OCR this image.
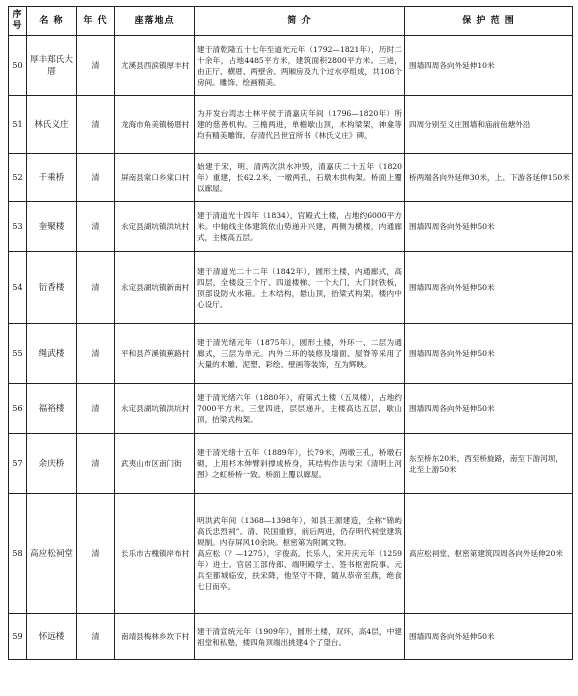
序号	名 称	年 代	座落地点	简 介	保 护 范 围
50	厚丰郑氏大厝	清	尤溪县西滨镇厚丰村	建于清乾隆五十七年至道光元年（1792—1821年），历时二十余年，占地4485平方米，建筑面积2800平方米。三进，由正厅、横厝、两壁舍、两厢房及九个过水亭组成，共108个房间。雕饰、绘画精美。	围墙四周各向外延伸10米
51	林氏义庄	清	龙海市角美镇杨厝村	为开发台湾志士林平侯于清嘉庆年间（1796—1820年）所建的慈善机构。三檐两进，单檐歇山顶，木构梁架，神龛等均有精美雕饰。存清代吕世宜所书《林氏义庄》碑。	四周分别至义庄围墙和庙前鱼塘外沿
52	千乘桥	清	屏南县棠口乡棠口村	始建于宋，明、清两次洪水冲毁，清嘉庆二十五年（1820年）重建，长62.2米，一墩两孔，石墩木拱构架。桥面上覆以廊屋。	桥两端各向外延伸30米，上、下游各延伸150米
53	奎聚楼	清	永定县湖坑镇洪坑村	建于清道光十四年（1834），宫殿式土楼，占地约6000平方米。中轴线主体建筑依山势递升兴建，两侧为横楼，内通廊式，主楼高五层。	围墙四周各向外延伸50米
54	衍香楼	清	永定县湖坑镇新南村	建于清道光二十二年（1842年），圆形土楼，内通廊式，高四层，全楼设三个厅、四道楼梯、一个大门，大门封铁板，顶部设防火水箱。土木结构，悬山顶，抬梁式构架。楼内中心设厅。	围墙四周各向外延伸50米
55	绳武楼	清	平和县芦溪镇蕉路村	建于清光绪元年（1875年），圆形土楼，外环一、二层为通廊式，三层为单元。内外二环的装修及墙面、屋脊等采用了大量的木雕、泥塑、彩绘、壁画等装饰，互为辉映。	围墙四周各向外延伸50米
56	福裕楼	清	永定县湖坑镇洪坑村	建于清光绪六年（1880年），府第式土楼（五凤楼），占地约7000平方米。三堂四进，层层递升，主楼高达五层，歇山顶，抬梁式构架。	围墙四周各向外延伸50米
57	余庆桥	清	武夷山市区南门街	建于清光绪十五年（1889年），长79米，两墩三孔，桥墩石砌，上用杉木伸臂斜撑成桥身，其结构作法与宋《清明上河图》之虹桥桥一致。桥面上覆以廊屋。	东至桥东20米，西至桥旋路，南至下游河坝，北至上游50米
58	高应松祠堂	清	长乐市古槐镇岸布村	明洪武年间（1368—1398年），知县王源建造，全称“锦屿高氏忠烈祠”。清、民国重修，前后两进，仍存明代祠堂建筑规制。内存屏风10余块。枢密第为附属文物。
高应松（？—1275），字俊高。长乐人，宋开庆元年（1259年）进士。官居工部侍郎、端明殿学士、签书枢密院事。元兵至都城临安，扶宋降，他坚守不降，随从恭帝至燕，绝食七日而卒。	高应松祠堂、枢密第建筑四周各向外延伸20米
59	怀远楼	清	南靖县梅林乡坎下村	建于清宣统元年（1909年），圆形土楼，双环，高4层，中建祖堂和私塾，楼四角顶端出挑建4个了望台。	围墙四周各向外延伸50米
